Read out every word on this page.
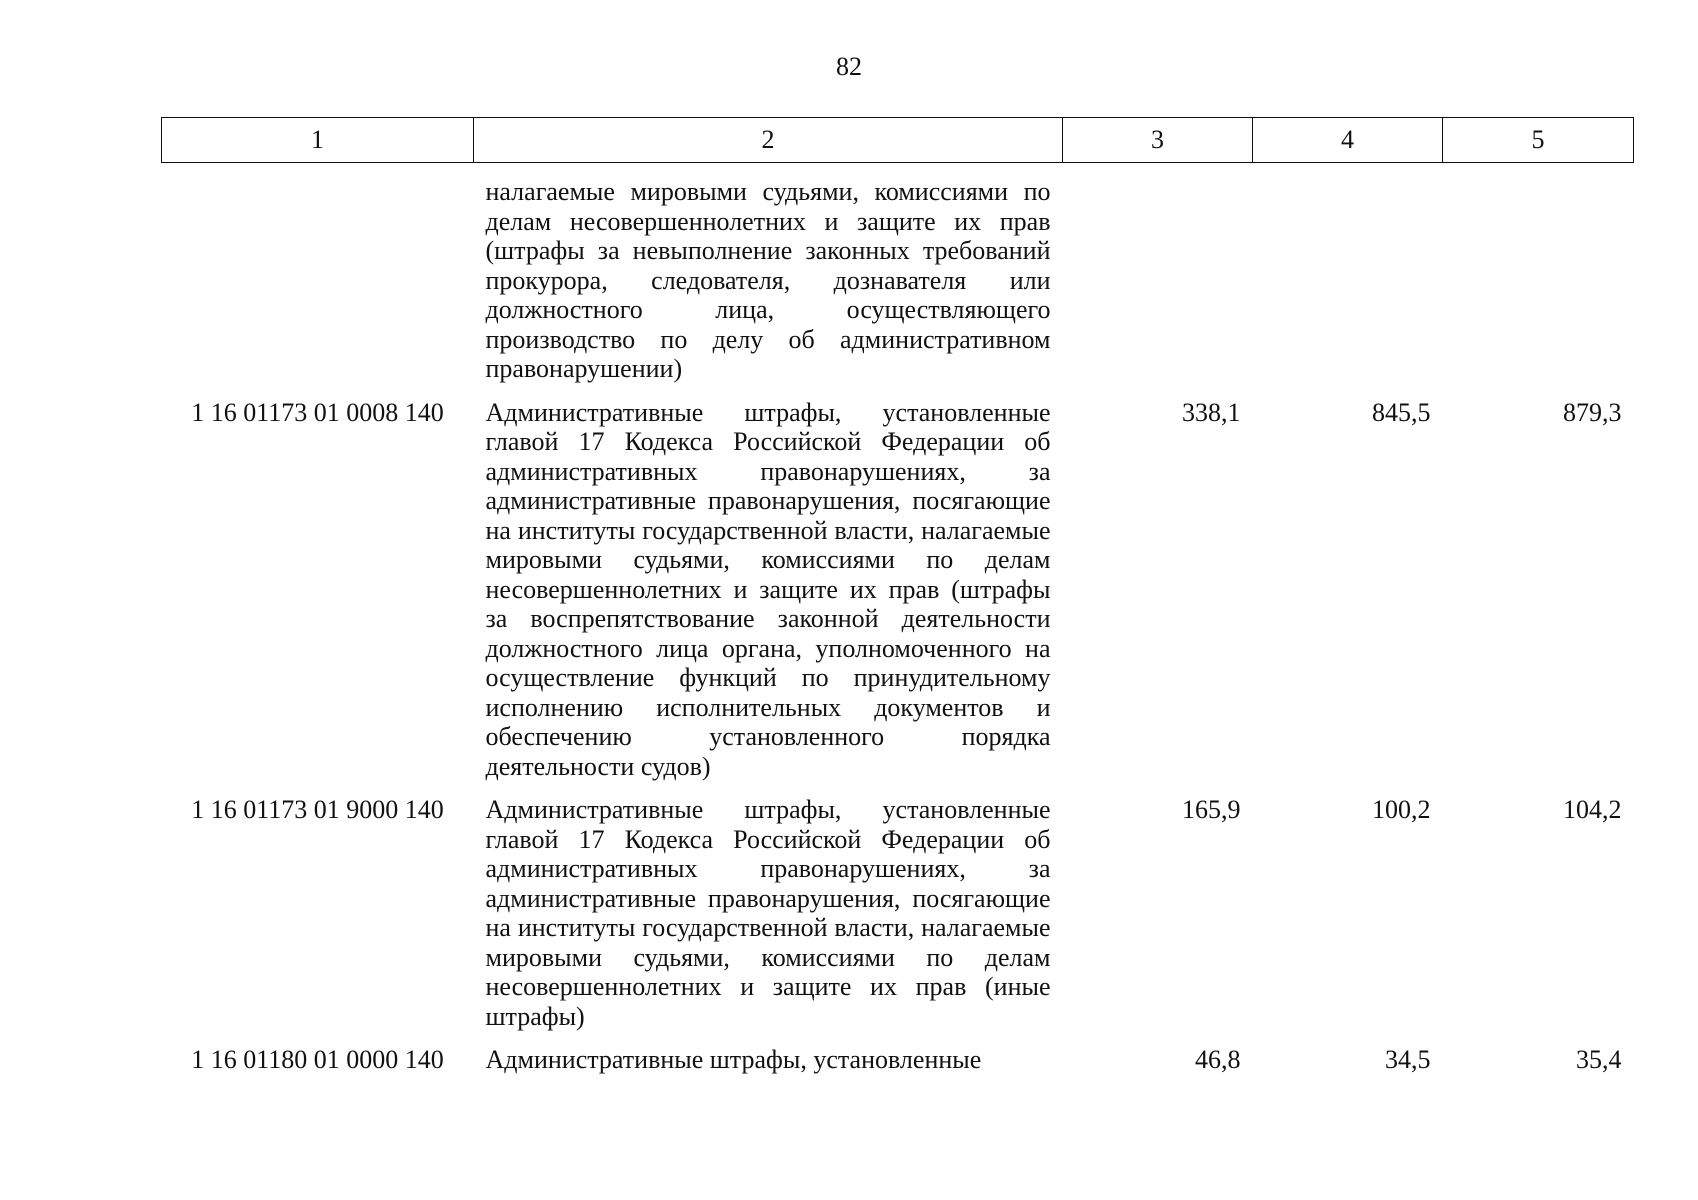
82
1	2	3	4	5
	налагаемые мировыми судьями, комиссиями по делам несовершеннолетних и защите их прав (штрафы за невыполнение законных требований прокурора, следователя, дознавателя или должностного лица, осуществляющего производство по делу об административном правонарушении)			
1 16 01173 01 0008 140	Административные штрафы, установленные главой 17 Кодекса Российской Федерации об административных правонарушениях, за административные правонарушения, посягающие на институты государственной власти, налагаемые мировыми судьями, комиссиями по делам несовершеннолетних и защите их прав (штрафы за воспрепятствование законной деятельности должностного лица органа, уполномоченного на осуществление функций по принудительному исполнению исполнительных документов и обеспечению установленного порядка деятельности судов)	338,1	845,5	879,3
1 16 01173 01 9000 140	Административные штрафы, установленные главой 17 Кодекса Российской Федерации об административных правонарушениях, за административные правонарушения, посягающие на институты государственной власти, налагаемые мировыми судьями, комиссиями по делам несовершеннолетних и защите их прав (иные штрафы)	165,9	100,2	104,2
1 16 01180 01 0000 140	Административные штрафы, установленные	46,8	34,5	35,4
